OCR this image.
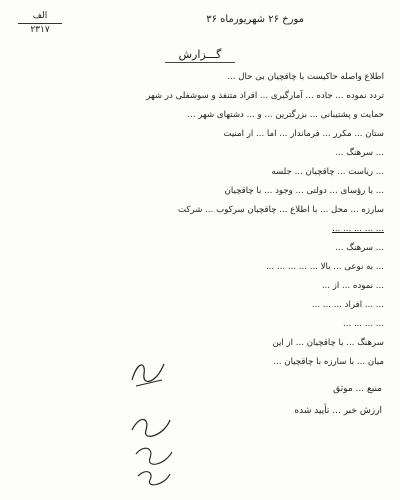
مورخ ۲۶ شهریورماه ۳۶
الف
۲۳۱۷
گـــزارش
اطلاع واصله حاکیست با چاقچیان بی حال ...
تردد نموده ... جاده ... آمارگیری ... افراد متنفذ و سوشفلی در شهر
حمایت و پشتیبانی ... بزرگترین ... و ... دشتهای شهر ...
ستان ... مکرر ... فرماندار ... اما ... ار امنیت
... سرهنگ ...
... ریاست ... چاقچیان ... جلسه
... با رؤسای ... دولتی ... وجود ... با چاقچیان
سارزه ... محل ... با اطلاع ... چاقچیان سرکوب ... شرکت
... ... ... ... ...
... سرهنگ ...
... به نوعی ... بالا ... ... ... ... ...
... نموده ... از ...
... ... افراد ... ... ...
... ... ... ...
سرهنگ ... با چاقچیان ... از این
میان ... با سارزه با چاقچیان ...
منبع ... موثق
ارزش خبر ... تأیید شده
